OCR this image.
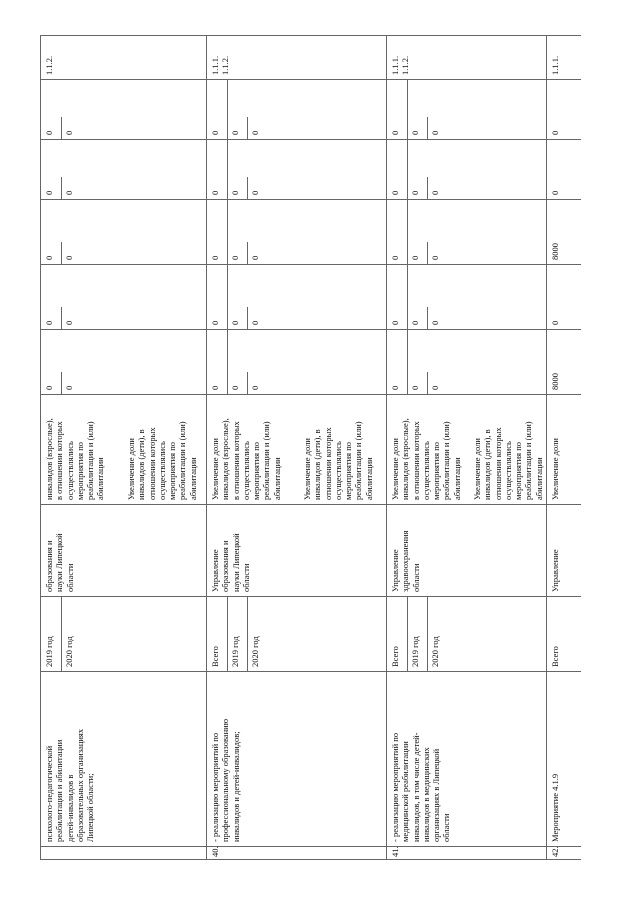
психолого-педагогической
реабилитации и абилитации
детей-инвалидов в
образовательных организациях
Липецкой области;
2019 год 2020 год
образования и
науки Липецкой
области
инвалидов (взрослые),
в отношении которых
осуществлялись
мероприятия по
реабилитации и (или)
абилитации Увеличение доли
инвалидов (дети), в
отношении которых
осуществлялись
мероприятия по
реабилитации и (или)
абилитации
0 0
0 0
0 0
0 0
0 0
1.1.2.
40.
- реализацию мероприятий по
профессиональному образованию
инвалидов и детей-инвалидов;
Всего 2019 год 2020 год
Управление
образования и
науки Липецкой
области
Увеличение доли
инвалидов (взрослые),
в отношении которых
осуществлялись
мероприятия по
реабилитации и (или)
абилитации Увеличение доли
инвалидов (дети), в
отношении которых
осуществлялись
мероприятия по
реабилитации и (или)
абилитации
0 0 0
0 0 0
0 0 0
0 0 0
0 0 0
1.1.1.
1.1.2.
41.
- реализацию мероприятий по
медицинской реабилитации
инвалидов, в том числе детей-
инвалидов в медицинских
организациях в Липецкой
области
Всего 2019 год 2020 год
Управление
здравоохранения
области
Увеличение доли
инвалидов (взрослые),
в отношении которых
осуществлялись
мероприятия по
реабилитации и (или)
абилитации Увеличение доли
инвалидов (дети), в
отношении которых
осуществлялись
мероприятия по
реабилитации и (или)
абилитации
0 0 0
0 0 0
0 0 0
0 0 0
0 0 0
1.1.1.
1.1.2.
42.
Мероприятие 4.1.9
Всего
Управление
Увеличение доли
8000
0
8000
0
0
1.1.1.
